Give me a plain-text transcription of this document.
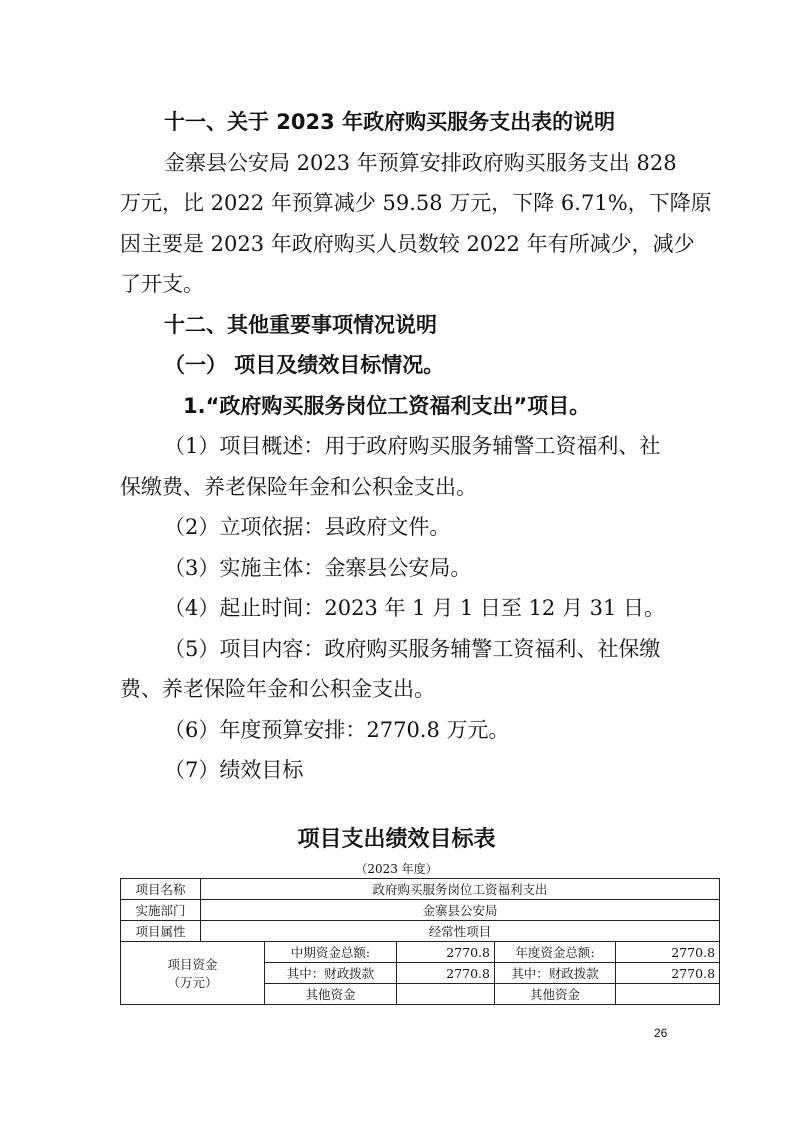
十一、关于 2023 年政府购买服务支出表的说明
金寨县公安局 2023 年预算安排政府购买服务支出 828
万元，比 2022 年预算减少 59.58 万元，下降 6.71%，下降原
因主要是 2023 年政府购买人员数较 2022 年有所减少，减少
了开支。
十二、其他重要事项情况说明
（一） 项目及绩效目标情况。
1.“政府购买服务岗位工资福利支出”项目。
（1）项目概述：用于政府购买服务辅警工资福利、社
保缴费、养老保险年金和公积金支出。
（2）立项依据：县政府文件。
（3）实施主体：金寨县公安局。
（4）起止时间：2023 年 1 月 1 日至 12 月 31 日。
（5）项目内容：政府购买服务辅警工资福利、社保缴
费、养老保险年金和公积金支出。
（6）年度预算安排：2770.8 万元。
（7）绩效目标
项目支出绩效目标表
（2023 年度）
项目名称	政府购买服务岗位工资福利支出				
实施部门	金寨县公安局				
项目属性	经常性项目				

项目资金
（万元）		中期资金总额:	2770.8	年度资金总额:	2770.8
		其中：财政拨款	2770.8	其中：财政拨款	2770.8
		其他资金		其他资金	
26
